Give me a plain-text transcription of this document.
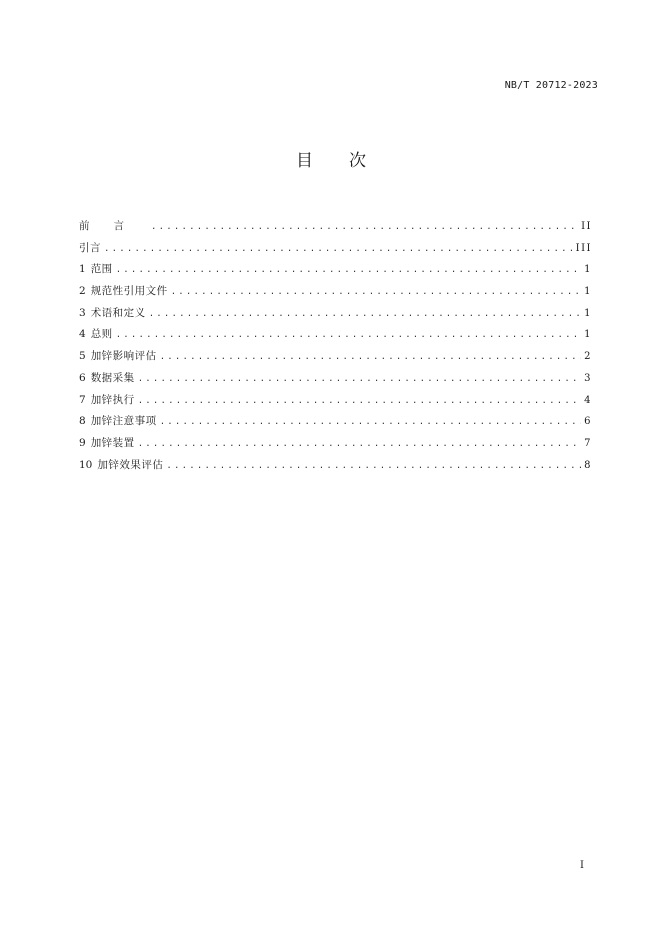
NB/T 20712-2023
目 次
前言 .....	II
引言 .....	III
1 范围 .....	1
2 规范性引用文件 .....	1
3 术语和定义 .....	1
4 总则 .....	1
5 加锌影响评估 .....	2
6 数据采集 .....	3
7 加锌执行 .....	4
8 加锌注意事项 .....	6
9 加锌装置 .....	7
10 加锌效果评估 .....	8
I
